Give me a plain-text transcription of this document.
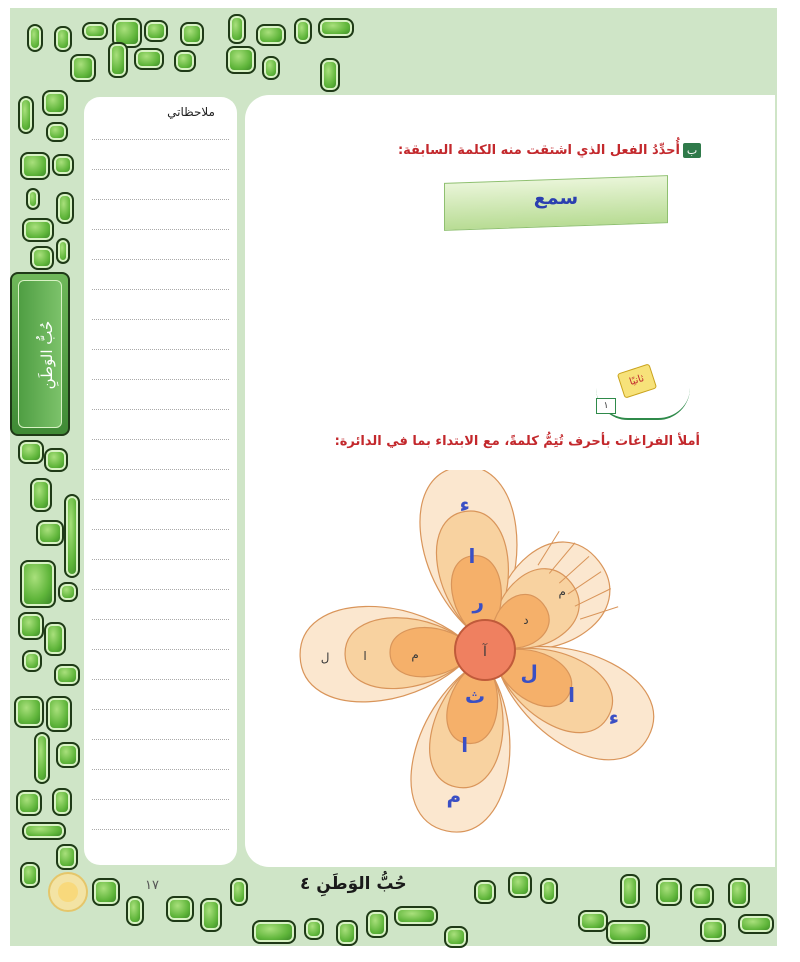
حُبُّ الوَطَنِ
ملاحظاتي
ب
أُحدِّدُ الفعل الذي اشتقت منه الكلمة السابقة:
سمع
ثانيًا
١
أملأ الفراغات بأحرف تُتِمُّ كلمةً، مع الابتداء بما في الدائرة:
آ
ر
ا
ء
د
م
ل
ا
ء
ث
ا
م
م
ا
ل
١٧	حُبُّ الوَطَنِ ٤
